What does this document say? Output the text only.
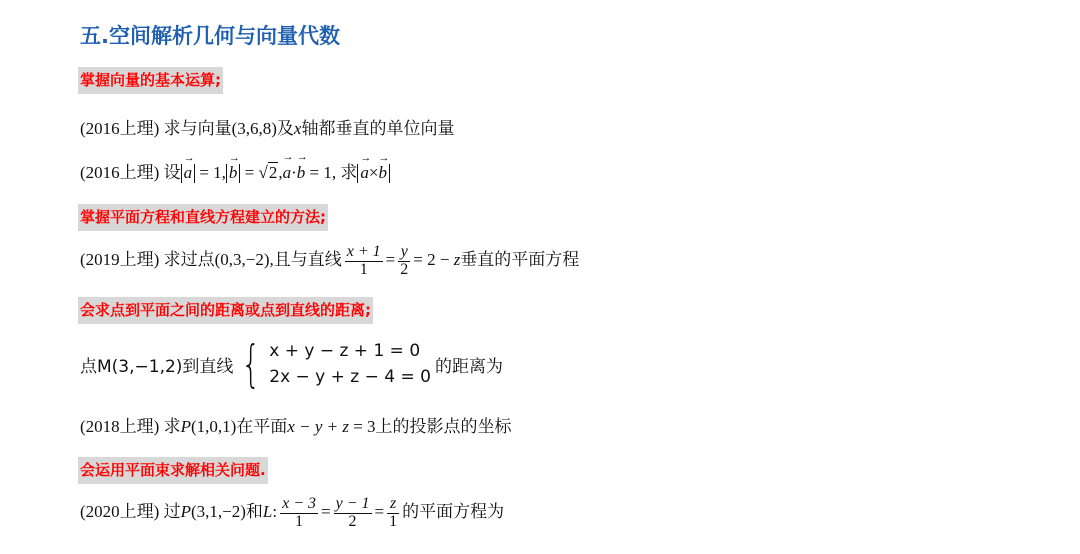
五.空间解析几何与向量代数
掌握向量的基本运算;
(2016上理) 求与向量(3,6,8)及x轴都垂直的单位向量
(2016上理) 设 → a = 1, → b = √2,→ a·→ b = 1, 求 → a×→ b
掌握平面方程和直线方程建立的方法;
(2019上理) 求过点(0,3,−2),且与直线 $\frac{x + 1}{1} = \frac{y}{2} = 2 - z$垂直的平面方程
会求点到平面之间的距离或点到直线的距离;
点M(3,−1,2)到直线 { x + y − z + 1 = 0
2x − y + z − 4 = 0
的距离为
(2018上理) 求P(1,0,1)在平面x − y + z = 3上的投影点的坐标
会运用平面束求解相关问题.
(2020上理) 过P(3,1,−2)和L: $\frac{x - 3}{1} = \frac{y - 1}{2} = \frac{z}{1}$ 的平面方程为
